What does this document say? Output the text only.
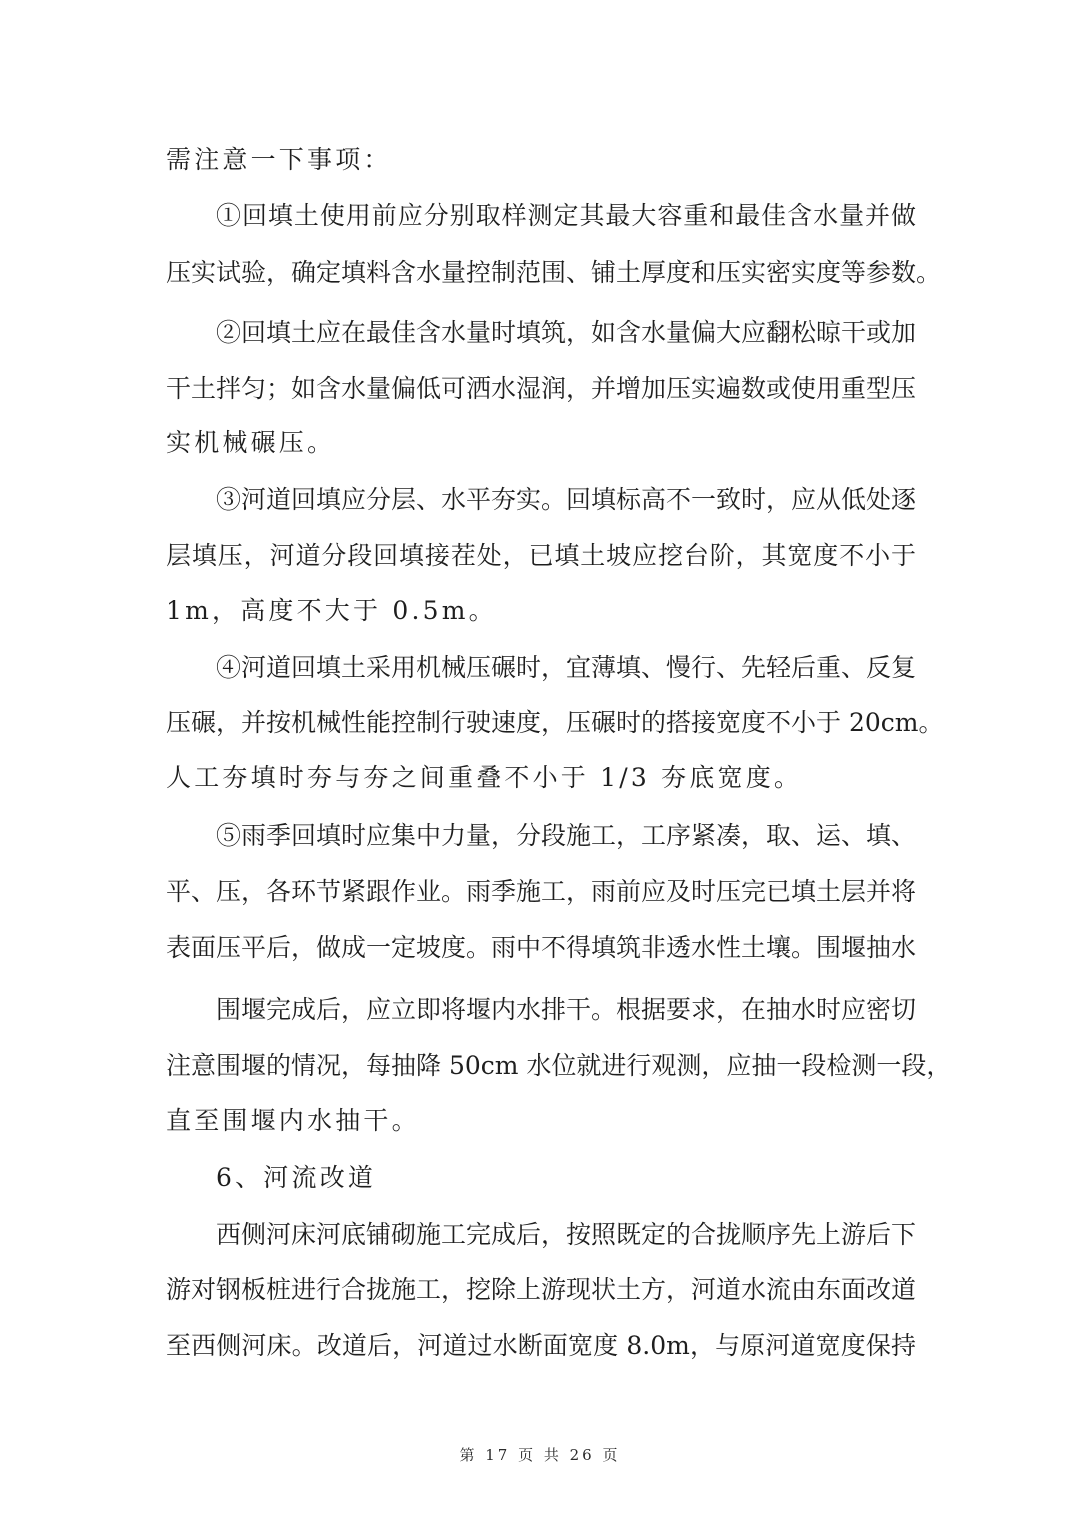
需注意一下事项：
①回填土使用前应分别取样测定其最大容重和最佳含水量并做
压实试验，确定填料含水量控制范围、铺土厚度和压实密实度等参数。
②回填土应在最佳含水量时填筑，如含水量偏大应翻松晾干或加
干土拌匀；如含水量偏低可洒水湿润，并增加压实遍数或使用重型压
实机械碾压。
③河道回填应分层、水平夯实。回填标高不一致时，应从低处逐
层填压，河道分段回填接茬处，已填土坡应挖台阶，其宽度不小于
1m，高度不大于 0.5m。
④河道回填土采用机械压碾时，宜薄填、慢行、先轻后重、反复
压碾，并按机械性能控制行驶速度，压碾时的搭接宽度不小于 20cm。
人工夯填时夯与夯之间重叠不小于 1/3 夯底宽度。
⑤雨季回填时应集中力量，分段施工，工序紧凑，取、运、填、
平、压，各环节紧跟作业。雨季施工，雨前应及时压完已填土层并将
表面压平后，做成一定坡度。雨中不得填筑非透水性土壤。围堰抽水
围堰完成后，应立即将堰内水排干。根据要求，在抽水时应密切
注意围堰的情况，每抽降 50cm 水位就进行观测，应抽一段检测一段，
直至围堰内水抽干。
6、河流改道
西侧河床河底铺砌施工完成后，按照既定的合拢顺序先上游后下
游对钢板桩进行合拢施工，挖除上游现状土方，河道水流由东面改道
至西侧河床。改道后，河道过水断面宽度 8.0m，与原河道宽度保持
第 17 页 共 26 页
